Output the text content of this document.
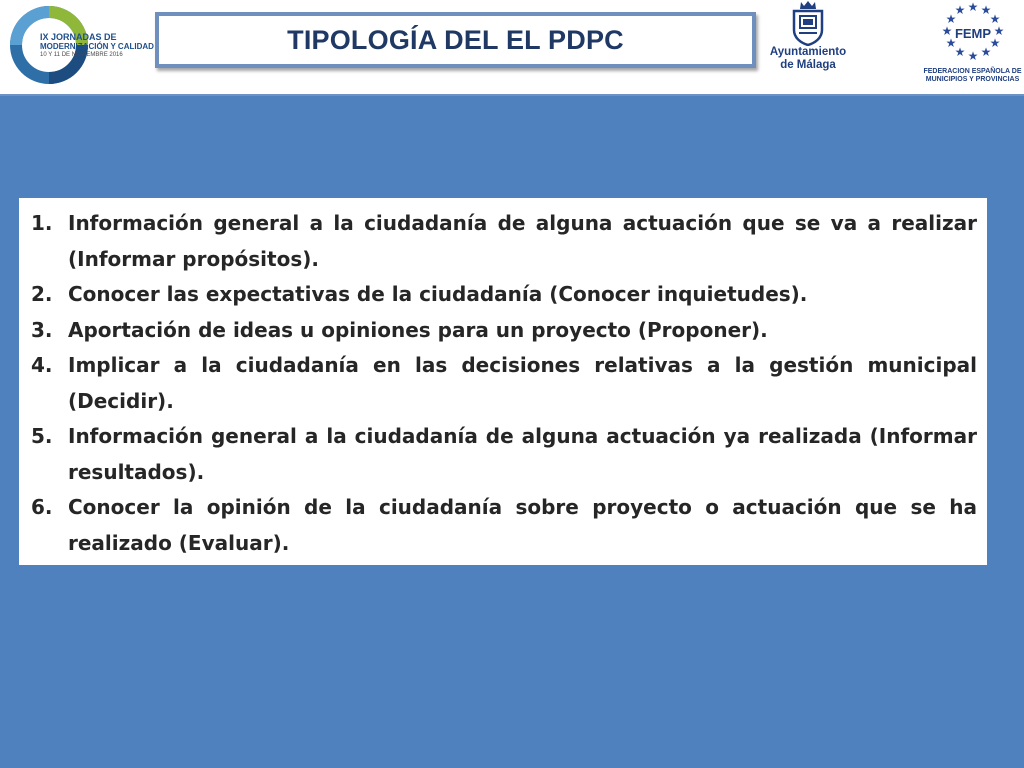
IX JORNADAS DE
MODERNIZACIÓN Y CALIDAD
10 Y 11 DE NOVIEMBRE 2016
TIPOLOGÍA DEL EL PDPC	Ayuntamiento
de Málaga
★ ★
★
★
★
★
★
★
★
★
★ ★
FEMP
FEDERACION ESPAÑOLA DE
MUNICIPIOS Y PROVINCIAS
1. Información general a la ciudadanía de alguna actuación que se va a realizar (Informar propósitos).
2. Conocer las expectativas de la ciudadanía (Conocer inquietudes).
3. Aportación de ideas u opiniones para un proyecto (Proponer).
4. Implicar a la ciudadanía en las decisiones relativas a la gestión municipal (Decidir).
5. Información general a la ciudadanía de alguna actuación ya realizada (Informar resultados).
6. Conocer la opinión de la ciudadanía sobre proyecto o actuación que se ha realizado (Evaluar).
